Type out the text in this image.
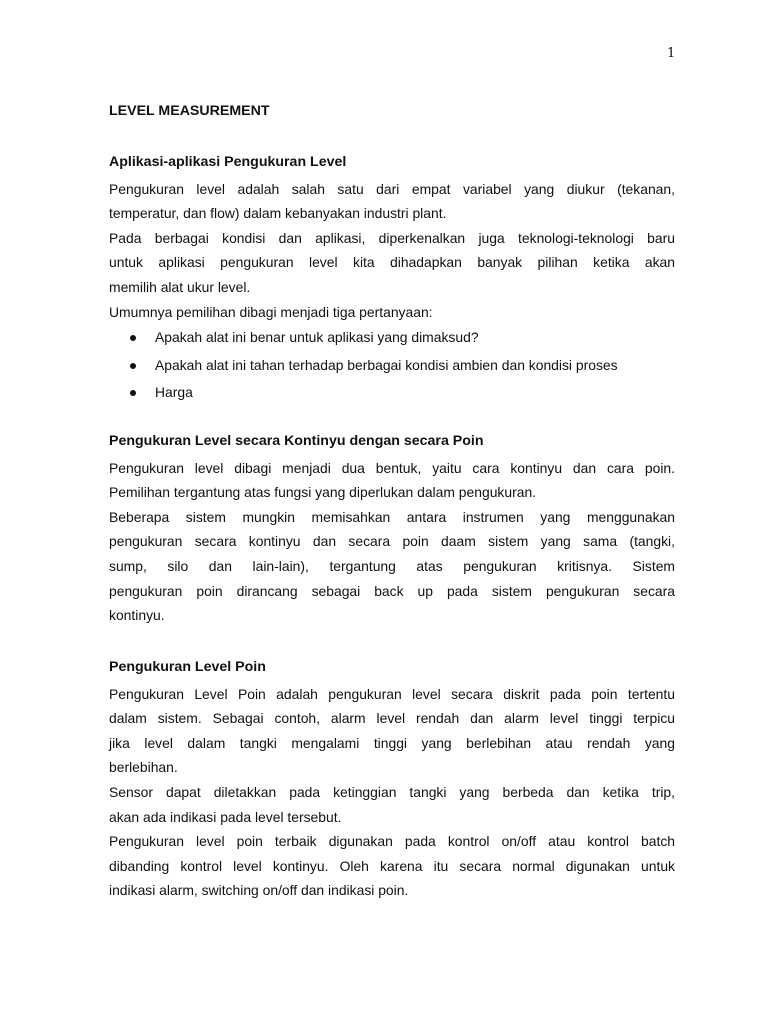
1
LEVEL MEASUREMENT
Aplikasi-aplikasi Pengukuran Level

Pengukuran level adalah salah satu dari empat variabel yang diukur (tekanan,
temperatur, dan flow) dalam kebanyakan industri plant.

Pada berbagai kondisi dan aplikasi, diperkenalkan juga teknologi-teknologi baru
untuk aplikasi pengukuran level kita dihadapkan banyak pilihan ketika akan
memilih alat ukur level.

Umumnya pemilihan dibagi menjadi tiga pertanyaan:

Apakah alat ini benar untuk aplikasi yang dimaksud?
Apakah alat ini tahan terhadap berbagai kondisi ambien dan kondisi proses
Harga
Pengukuran Level secara Kontinyu dengan secara Poin

Pengukuran level dibagi menjadi dua bentuk, yaitu cara kontinyu dan cara poin.
Pemilihan tergantung atas fungsi yang diperlukan dalam pengukuran.

Beberapa sistem mungkin memisahkan antara instrumen yang menggunakan
pengukuran secara kontinyu dan secara poin daam sistem yang sama (tangki,
sump, silo dan lain-lain), tergantung atas pengukuran kritisnya. Sistem
pengukuran poin dirancang sebagai back up pada sistem pengukuran secara
kontinyu.

Pengukuran Level Poin

Pengukuran Level Poin adalah pengukuran level secara diskrit pada poin tertentu
dalam sistem. Sebagai contoh, alarm level rendah dan alarm level tinggi terpicu
jika level dalam tangki mengalami tinggi yang berlebihan atau rendah yang
berlebihan.

Sensor dapat diletakkan pada ketinggian tangki yang berbeda dan ketika trip,
akan ada indikasi pada level tersebut.

Pengukuran level poin terbaik digunakan pada kontrol on/off atau kontrol batch
dibanding kontrol level kontinyu. Oleh karena itu secara normal digunakan untuk
indikasi alarm, switching on/off dan indikasi poin.
